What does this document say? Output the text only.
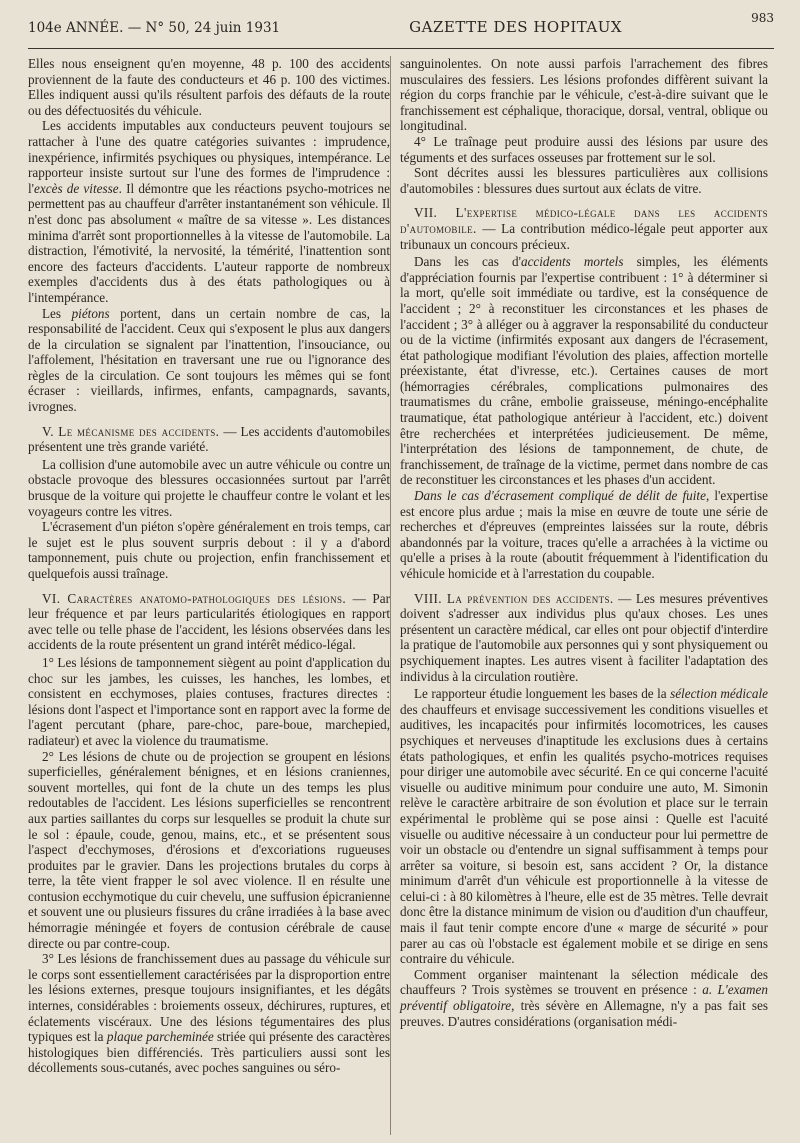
104e ANNÉE. — N° 50, 24 juin 1931	GAZETTE DES HOPITAUX	983

Elles nous enseignent qu'en moyenne, 48 p. 100 des accidents proviennent de la faute des conducteurs et 46 p. 100 des victimes. Elles indiquent aussi qu'ils résultent parfois des défauts de la route ou des défectuosités du véhicule.

Les accidents imputables aux conducteurs peuvent toujours se rattacher à l'une des quatre catégories suivantes : imprudence, inexpérience, infirmités psychiques ou physiques, intempérance. Le rapporteur insiste surtout sur l'une des formes de l'imprudence : l'excès de vitesse. Il démontre que les réactions psycho-motrices ne permettent pas au chauffeur d'arrêter instantanément son véhicule. Il n'est donc pas absolument « maître de sa vitesse ». Les distances minima d'arrêt sont proportionnelles à la vitesse de l'automobile. La distraction, l'émotivité, la nervosité, la témérité, l'inattention sont encore des facteurs d'accidents. L'auteur rapporte de nombreux exemples d'accidents dus à des états pathologiques ou à l'intempérance.

Les piétons portent, dans un certain nombre de cas, la responsabilité de l'accident. Ceux qui s'exposent le plus aux dangers de la circulation se signalent par l'inattention, l'insouciance, ou l'affolement, l'hésitation en traversant une rue ou l'ignorance des règles de la circulation. Ce sont toujours les mêmes qui se font écraser : vieillards, infirmes, enfants, campagnards, savants, ivrognes.

V. Le mécanisme des accidents. — Les accidents d'automobiles présentent une très grande variété.

La collision d'une automobile avec un autre véhicule ou contre un obstacle provoque des blessures occasionnées surtout par l'arrêt brusque de la voiture qui projette le chauffeur contre le volant et les voyageurs contre les vitres.

L'écrasement d'un piéton s'opère généralement en trois temps, car le sujet est le plus souvent surpris debout : il y a d'abord tamponnement, puis chute ou projection, enfin franchissement et quelquefois aussi traînage.

VI. Caractères anatomo-pathologiques des lésions. — Par leur fréquence et par leurs particularités étiologiques en rapport avec telle ou telle phase de l'accident, les lésions observées dans les accidents de la route présentent un grand intérêt médico-légal.

1° Les lésions de tamponnement siègent au point d'application du choc sur les jambes, les cuisses, les hanches, les lombes, et consistent en ecchymoses, plaies contuses, fractures directes : lésions dont l'aspect et l'importance sont en rapport avec la forme de l'agent percutant (phare, pare-choc, pare-boue, marchepied, radiateur) et avec la violence du traumatisme.

2° Les lésions de chute ou de projection se groupent en lésions superficielles, généralement bénignes, et en lésions craniennes, souvent mortelles, qui font de la chute un des temps les plus redoutables de l'accident. Les lésions superficielles se rencontrent aux parties saillantes du corps sur lesquelles se produit la chute sur le sol : épaule, coude, genou, mains, etc., et se présentent sous l'aspect d'ecchymoses, d'érosions et d'excoriations rugueuses produites par le gravier. Dans les projections brutales du corps à terre, la tête vient frapper le sol avec violence. Il en résulte une contusion ecchymotique du cuir chevelu, une suffusion épicranienne et souvent une ou plusieurs fissures du crâne irradiées à la base avec hémorragie méningée et foyers de contusion cérébrale de cause directe ou par contre-coup.

3° Les lésions de franchissement dues au passage du véhicule sur le corps sont essentiellement caractérisées par la disproportion entre les lésions externes, presque toujours insignifiantes, et les dégâts internes, considérables : broiements osseux, déchirures, ruptures, et éclatements viscéraux. Une des lésions tégumentaires des plus typiques est la plaque parcheminée striée qui présente des caractères histologiques bien différenciés. Très particuliers aussi sont les décollements sous-cutanés, avec poches sanguines ou séro-

sanguinolentes. On note aussi parfois l'arrachement des fibres musculaires des fessiers. Les lésions profondes diffèrent suivant la région du corps franchie par le véhicule, c'est-à-dire suivant que le franchissement est céphalique, thoracique, dorsal, ventral, oblique ou longitudinal.

4° Le traînage peut produire aussi des lésions par usure des téguments et des surfaces osseuses par frottement sur le sol.

Sont décrites aussi les blessures particulières aux collisions d'automobiles : blessures dues surtout aux éclats de vitre.

VII. L'expertise médico-légale dans les accidents d'automobile. — La contribution médico-légale peut apporter aux tribunaux un concours précieux.

Dans les cas d'accidents mortels simples, les éléments d'appréciation fournis par l'expertise contribuent : 1° à déterminer si la mort, qu'elle soit immédiate ou tardive, est la conséquence de l'accident ; 2° à reconstituer les circonstances et les phases de l'accident ; 3° à alléger ou à aggraver la responsabilité du conducteur ou de la victime (infirmités exposant aux dangers de l'écrasement, état pathologique modifiant l'évolution des plaies, affection mortelle préexistante, état d'ivresse, etc.). Certaines causes de mort (hémorragies cérébrales, complications pulmonaires des traumatismes du crâne, embolie graisseuse, méningo-encéphalite traumatique, état pathologique antérieur à l'accident, etc.) doivent être recherchées et interprétées judicieusement. De même, l'interprétation des lésions de tamponnement, de chute, de franchissement, de traînage de la victime, permet dans nombre de cas de reconstituer les circonstances et les phases d'un accident.

Dans le cas d'écrasement compliqué de délit de fuite, l'expertise est encore plus ardue ; mais la mise en œuvre de toute une série de recherches et d'épreuves (empreintes laissées sur la route, débris abandonnés par la voiture, traces qu'elle a arrachées à la victime ou qu'elle a prises à la route (aboutit fréquemment à l'identification du véhicule homicide et à l'arrestation du coupable.

VIII. La prévention des accidents. — Les mesures préventives doivent s'adresser aux individus plus qu'aux choses. Les unes présentent un caractère médical, car elles ont pour objectif d'interdire la pratique de l'automobile aux personnes qui y sont physiquement ou psychiquement inaptes. Les autres visent à faciliter l'adaptation des individus à la circulation routière.

Le rapporteur étudie longuement les bases de la sélection médicale des chauffeurs et envisage successivement les conditions visuelles et auditives, les incapacités pour infirmités locomotrices, les causes psychiques et nerveuses d'inaptitude les exclusions dues à certains états pathologiques, et enfin les qualités psycho-motrices requises pour diriger une automobile avec sécurité. En ce qui concerne l'acuité visuelle ou auditive minimum pour conduire une auto, M. Simonin relève le caractère arbitraire de son évolution et place sur le terrain expérimental le problème qui se pose ainsi : Quelle est l'acuité visuelle ou auditive nécessaire à un conducteur pour lui permettre de voir un obstacle ou d'entendre un signal suffisamment à temps pour arrêter sa voiture, si besoin est, sans accident ? Or, la distance minimum d'arrêt d'un véhicule est proportionnelle à la vitesse de celui-ci : à 80 kilomètres à l'heure, elle est de 35 mètres. Telle devrait donc être la distance minimum de vision ou d'audition d'un chauffeur, mais il faut tenir compte encore d'une « marge de sécurité » pour parer au cas où l'obstacle est également mobile et se dirige en sens contraire du véhicule.

Comment organiser maintenant la sélection médicale des chauffeurs ? Trois systèmes se trouvent en présence : a. L'examen préventif obligatoire, très sévère en Allemagne, n'y a pas fait ses preuves. D'autres considérations (organisation médi-
